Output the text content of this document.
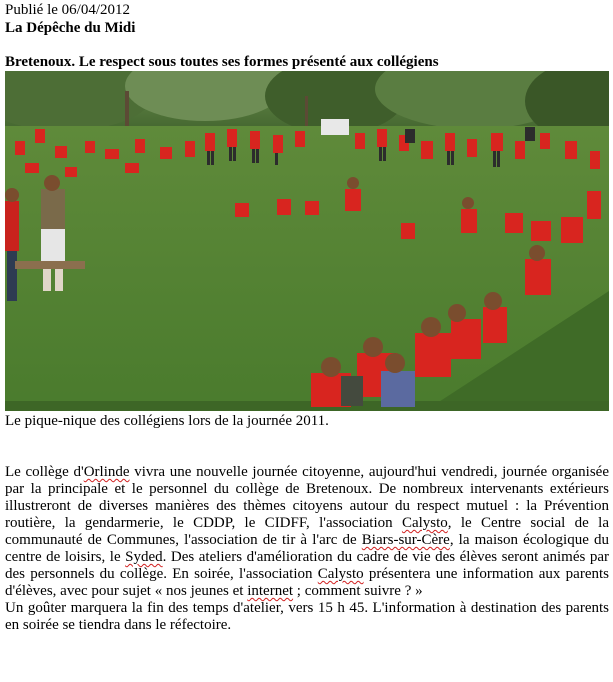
Publié le 06/04/2012

La Dépêche du Midi

Bretenoux. Le respect sous toutes ses formes présenté aux collégiens

Le pique-nique des collégiens lors de la journée 2011.

Le collège d'Orlinde vivra une nouvelle journée citoyenne, aujourd'hui vendredi, journée organisée par la principale et le personnel du collège de Bretenoux. De nombreux intervenants extérieurs illustreront de diverses manières des thèmes citoyens autour du respect mutuel : la Prévention routière, la gendarmerie, le CDDP, le CIDFF, l'association Calysto, le Centre social de la communauté de Communes, l'association de tir à l'arc de Biars-sur-Cère, la maison écologique du centre de loisirs, le Syded. Des ateliers d'amélioration du cadre de vie des élèves seront animés par des personnels du collège. En soirée, l'association Calysto présentera une information aux parents d'élèves, avec pour sujet « nos jeunes et internet ; comment suivre ? »

Un goûter marquera la fin des temps d'atelier, vers 15 h 45. L'information à destination des parents en soirée se tiendra dans le réfectoire.
